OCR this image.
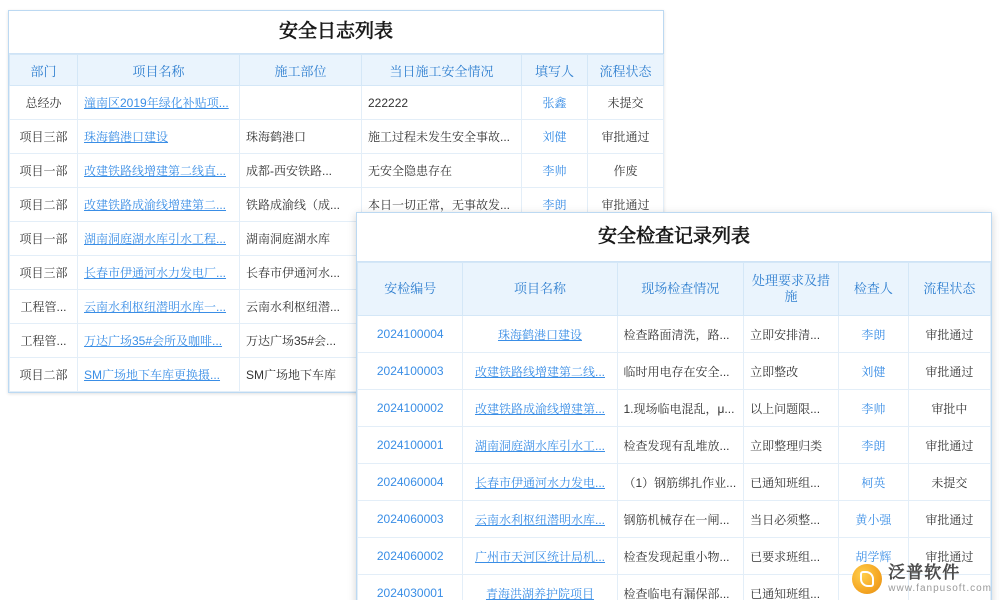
安全日志列表
部门	项目名称	施工部位	当日施工安全情况	填写人	流程状态
总经办	潼南区2019年绿化补贴项...		222222	张鑫	未提交
项目三部	珠海鹤港口建设	珠海鹤港口	施工过程未发生安全事故...	刘健	审批通过
项目一部	改建铁路线增建第二线直...	成都-西安铁路...	无安全隐患存在	李帅	作废
项目二部	改建铁路成渝线增建第二...	铁路成渝线（成...	本日一切正常，无事故发...	李朗	审批通过
项目一部	湖南洞庭湖水库引水工程...	湖南洞庭湖水库			
项目三部	长春市伊通河水力发电厂...	长春市伊通河水...			
工程管...	云南水利枢纽潜明水库一...	云南水利枢纽潜...			
工程管...	万达广场35#会所及咖啡...	万达广场35#会...			
项目二部	SM广场地下车库更换摄...	SM广场地下车库			
安全检查记录列表
安检编号	项目名称	现场检查情况	处理要求及措施	检查人	流程状态
2024100004	珠海鹤港口建设	检查路面清洗，路...	立即安排清...	李朗	审批通过
2024100003	改建铁路线增建第二线...	临时用电存在安全...	立即整改	刘健	审批通过
2024100002	改建铁路成渝线增建第...	1.现场临电混乱，μ...	以上问题限...	李帅	审批中
2024100001	湖南洞庭湖水库引水工...	检查发现有乱堆放...	立即整理归类	李朗	审批通过
2024060004	长春市伊通河水力发电...	（1）钢筋绑扎作业...	已通知班组...	柯英	未提交
2024060003	云南水利枢纽潜明水库...	钢筋机械存在一闸...	当日必须整...	黄小强	审批通过
2024060002	广州市天河区统计局机...	检查发现起重小物...	已要求班组...	胡学辉	审批通过
2024030001	青海洪湖养护院项目	检查临电有漏保部...	已通知班组...		
泛普软件
www.fanpusoft.com
